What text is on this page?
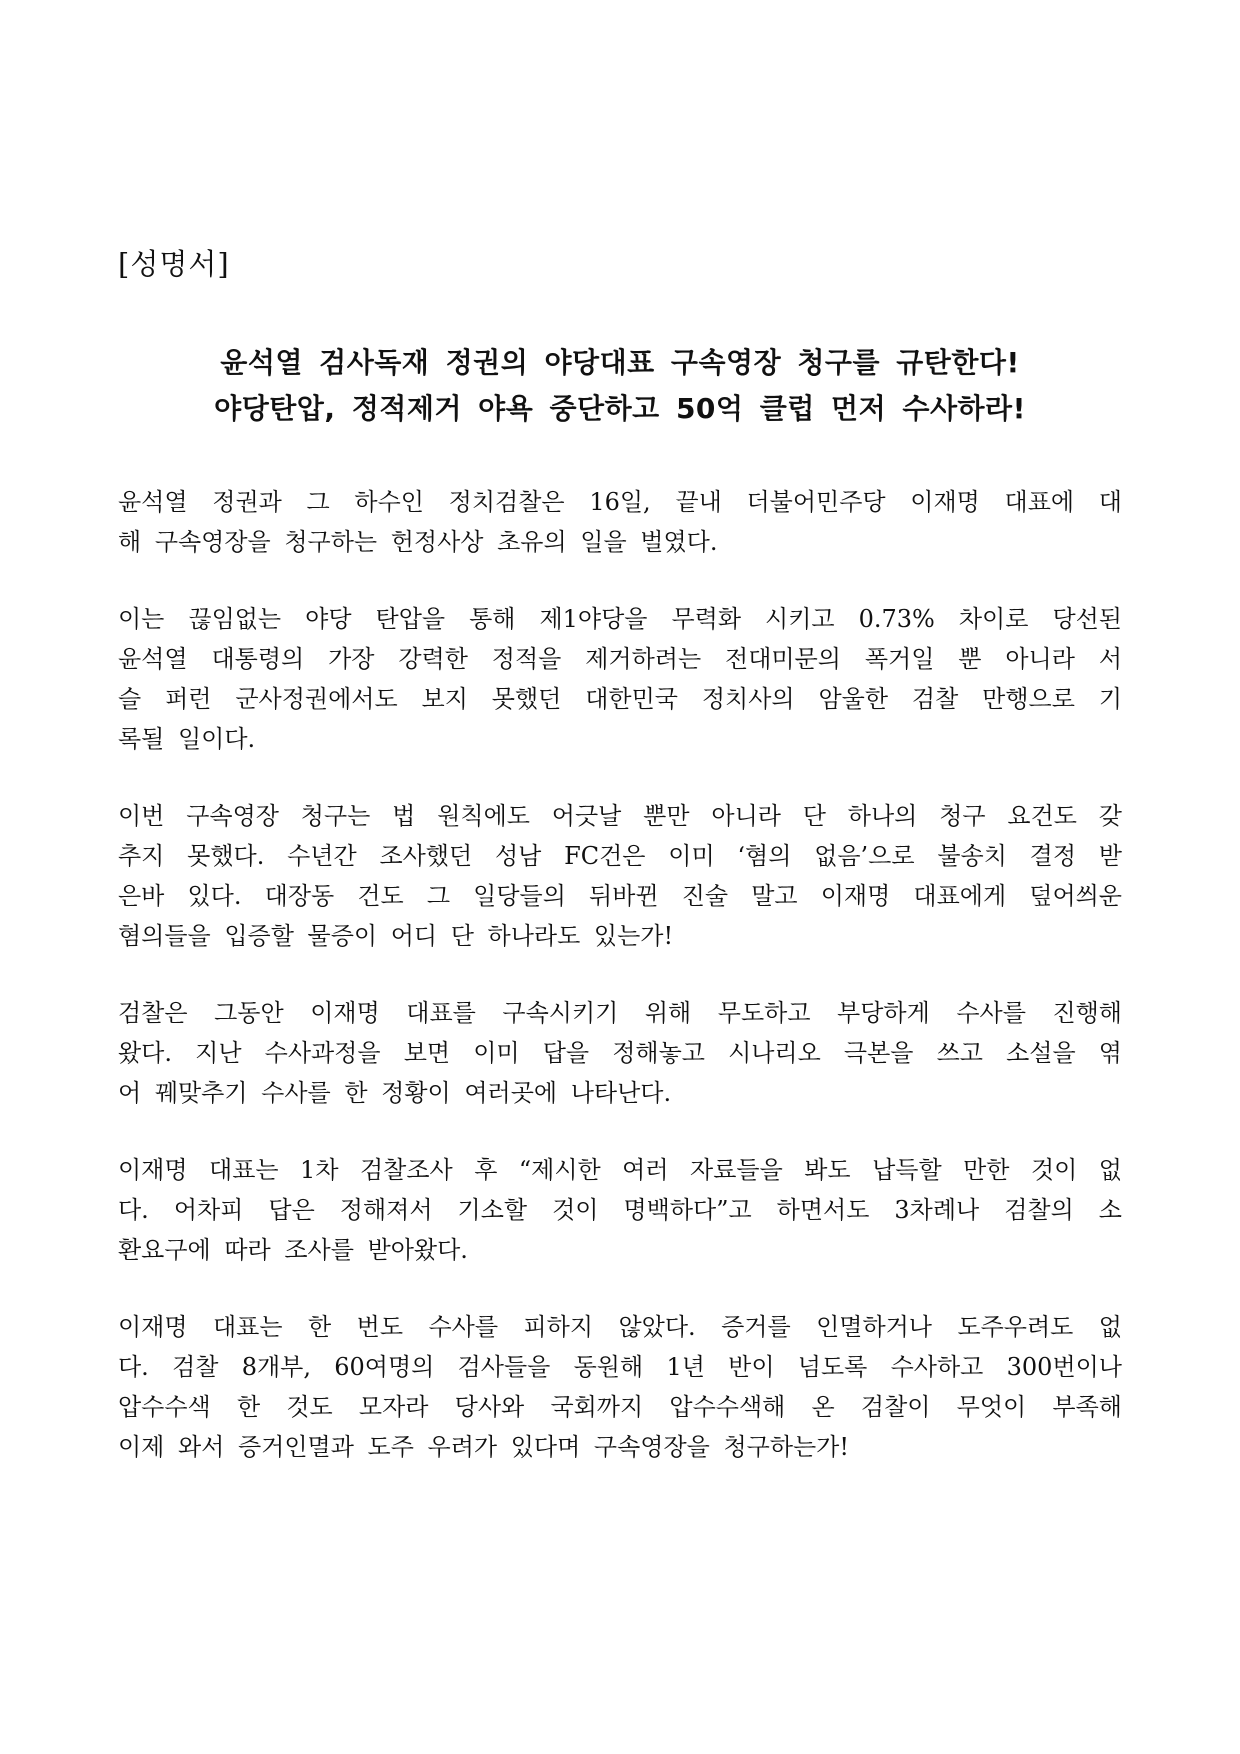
[성명서]
윤석열 검사독재 정권의 야당대표 구속영장 청구를 규탄한다!
야당탄압, 정적제거 야욕 중단하고 50억 클럽 먼저 수사하라!

윤석열 정권과 그 하수인 정치검찰은 16일, 끝내 더불어민주당 이재명 대표에 대
해 구속영장을 청구하는 헌정사상 초유의 일을 벌였다.

이는 끊임없는 야당 탄압을 통해 제1야당을 무력화 시키고 0.73% 차이로 당선된
윤석열 대통령의 가장 강력한 정적을 제거하려는 전대미문의 폭거일 뿐 아니라 서
슬 퍼런 군사정권에서도 보지 못했던 대한민국 정치사의 암울한 검찰 만행으로 기
록될 일이다.

이번 구속영장 청구는 법 원칙에도 어긋날 뿐만 아니라 단 하나의 청구 요건도 갖
추지 못했다. 수년간 조사했던 성남 FC건은 이미 ‘혐의 없음’으로 불송치 결정 받
은바 있다. 대장동 건도 그 일당들의 뒤바뀐 진술 말고 이재명 대표에게 덮어씌운
혐의들을 입증할 물증이 어디 단 하나라도 있는가!

검찰은 그동안 이재명 대표를 구속시키기 위해 무도하고 부당하게 수사를 진행해
왔다. 지난 수사과정을 보면 이미 답을 정해놓고 시나리오 극본을 쓰고 소설을 엮
어 꿰맞추기 수사를 한 정황이 여러곳에 나타난다.

이재명 대표는 1차 검찰조사 후 “제시한 여러 자료들을 봐도 납득할 만한 것이 없
다. 어차피 답은 정해져서 기소할 것이 명백하다”고 하면서도 3차례나 검찰의 소
환요구에 따라 조사를 받아왔다.

이재명 대표는 한 번도 수사를 피하지 않았다. 증거를 인멸하거나 도주우려도 없
다. 검찰 8개부, 60여명의 검사들을 동원해 1년 반이 넘도록 수사하고 300번이나
압수수색 한 것도 모자라 당사와 국회까지 압수수색해 온 검찰이 무엇이 부족해
이제 와서 증거인멸과 도주 우려가 있다며 구속영장을 청구하는가!
